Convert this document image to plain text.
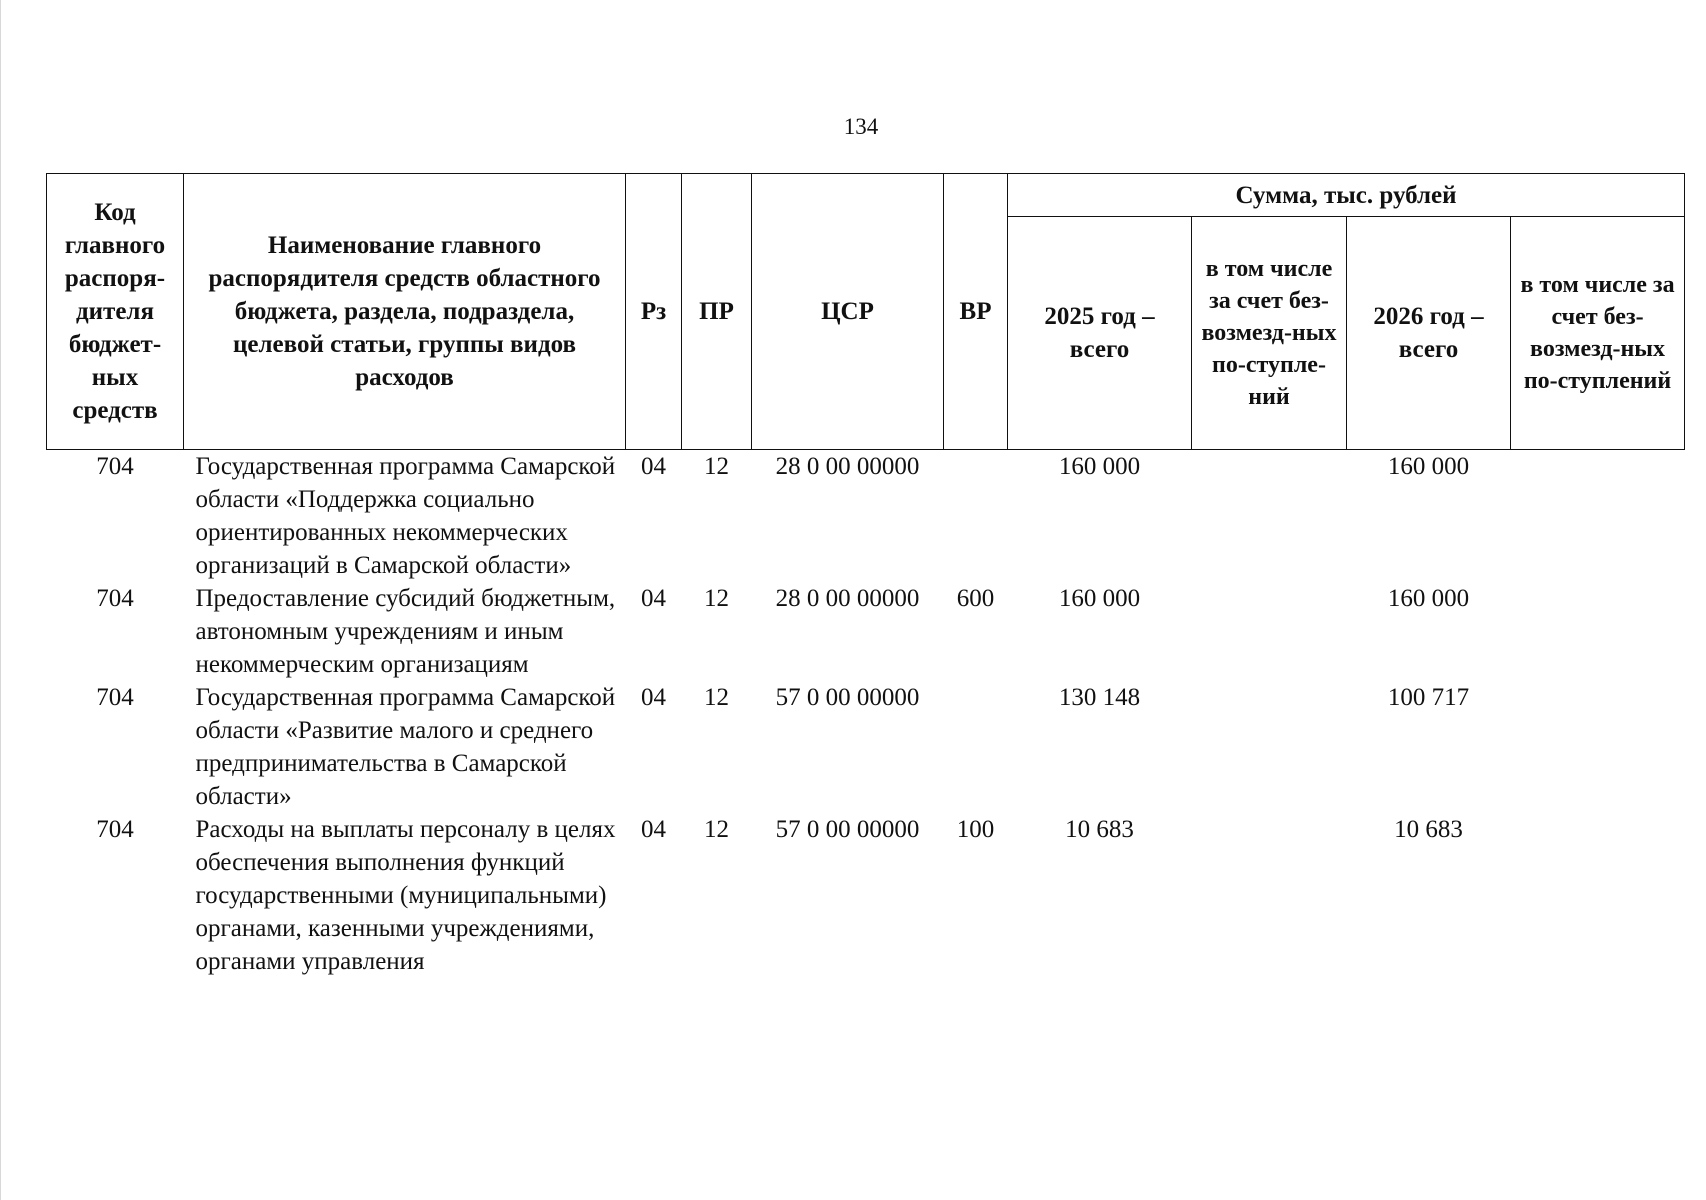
134
Код главного распоря-дителя бюджет-ных средств	Наименование главного распорядителя средств областного бюджета, раздела, подраздела, целевой статьи, группы видов расходов	Рз	ПР	ЦСР	ВР	Сумма, тыс. рублей			
						2025 год – всего	в том числе за счет без-возмезд-ных по-ступле-ний	2026 год – всего	в том числе за счет без-возмезд-ных по-ступлений
704	Государственная программа Самарской области «Поддержка социально ориентированных некоммерческих организаций в Самарской области»	04	12	28 0 00 00000		160 000		160 000	
704	Предоставление субсидий бюджетным, автономным учреждениям и иным некоммерческим организациям	04	12	28 0 00 00000	600	160 000		160 000	
704	Государственная программа Самарской области «Развитие малого и среднего предпринимательства в Самарской области»	04	12	57 0 00 00000		130 148		100 717	
704	Расходы на выплаты персоналу в целях обеспечения выполнения функций государственными (муниципальными) органами, казенными учреждениями, органами управления	04	12	57 0 00 00000	100	10 683		10 683	
